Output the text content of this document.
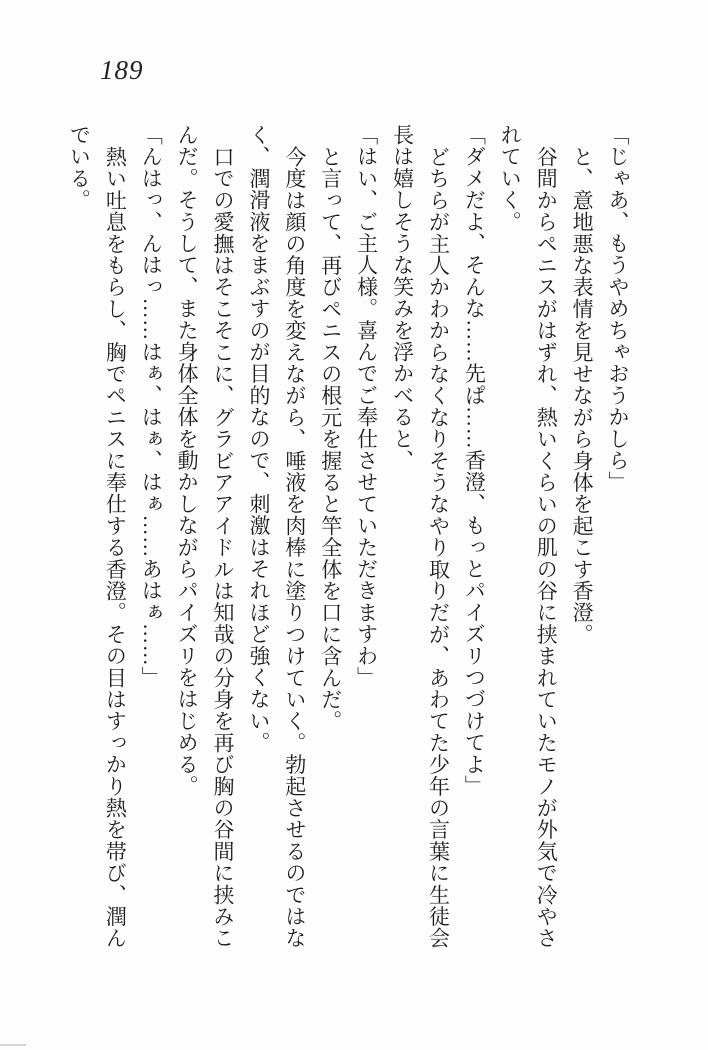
189

「じゃあ、もうやめちゃおうかしら」

と、意地悪な表情を見せながら身体を起こす香澄。

谷間からペニスがはずれ、熱いくらいの肌の谷に挟まれていたモノが外気で冷やされていく。

「ダメだよ、そんな……先ぱ……香澄、もっとパイズリつづけてよ」

どちらが主人かわからなくなりそうなやり取りだが、あわてた少年の言葉に生徒会長は嬉しそうな笑みを浮かべると、

「はい、ご主人様。喜んでご奉仕させていただきますわ」

と言って、再びペニスの根元を握ると竿全体を口に含んだ。

今度は顔の角度を変えながら、唾液を肉棒に塗りつけていく。勃起させるのではなく、潤滑液をまぶすのが目的なので、刺激はそれほど強くない。

口での愛撫はそこそこに、グラビアアイドルは知哉の分身を再び胸の谷間に挟みこんだ。そうして、また身体全体を動かしながらパイズリをはじめる。

「んはっ、んはっ……はぁ、はぁ、はぁ……あはぁ……」

熱い吐息をもらし、胸でペニスに奉仕する香澄。その目はすっかり熱を帯び、潤んでいる。
